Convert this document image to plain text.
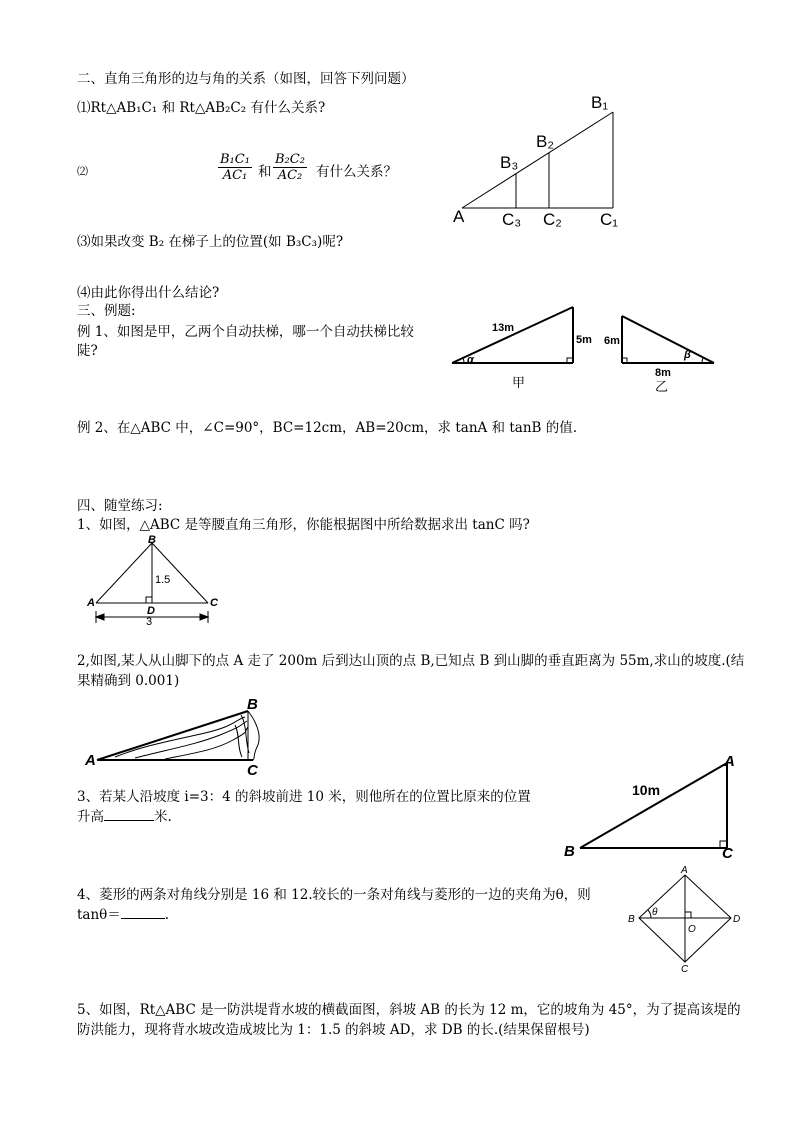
二、直角三角形的边与角的关系（如图，回答下列问题）
⑴Rt△AB₁C₁ 和 Rt△AB₂C₂ 有什么关系?
⑵	$\frac{\text{B₁C₁}}{\text{AC₁}}$ 和 $\frac{\text{B₂C₂}}{\text{AC₂}}$ 有什么关系？
⑶如果改变 B₂ 在梯子上的位置(如 B₃C₃)呢?
⑷由此你得出什么结论?
A
B₁
B₂
B₃
C₃ C₂ C₁
三、例题:
例 1、如图是甲，乙两个自动扶梯，哪一个自动扶梯比较
陡?
13m
5m
α
甲
6m
β
8m
乙
例 2、在△ABC 中，∠C=90°，BC=12cm，AB=20cm，求 tanA 和 tanB 的值.
四、随堂练习:
1、如图，△ABC 是等腰直角三角形，你能根据图中所给数据求出 tanC 吗?
B
A	C
D
1.5
3
2,如图,某人从山脚下的点 A 走了 200m 后到达山顶的点 B,已知点 B 到山脚的垂直距离为 55m,求山的坡度.(结
果精确到 0.001)
A
B
C
3、若某人沿坡度 i=3：4 的斜坡前进 10 米，则他所在的位置比原来的位置
升高	米.
10m
A
B	C
4、菱形的两条对角线分别是 16 和 12.较长的一条对角线与菱形的一边的夹角为θ，则
tanθ＝	.
A
B	D
C
O
θ
5、如图，Rt△ABC 是一防洪堤背水坡的横截面图，斜坡 AB 的长为 12 m，它的坡角为 45°，为了提高该堤的
防洪能力，现将背水坡改造成坡比为 1：1.5 的斜坡 AD，求 DB 的长.(结果保留根号)
